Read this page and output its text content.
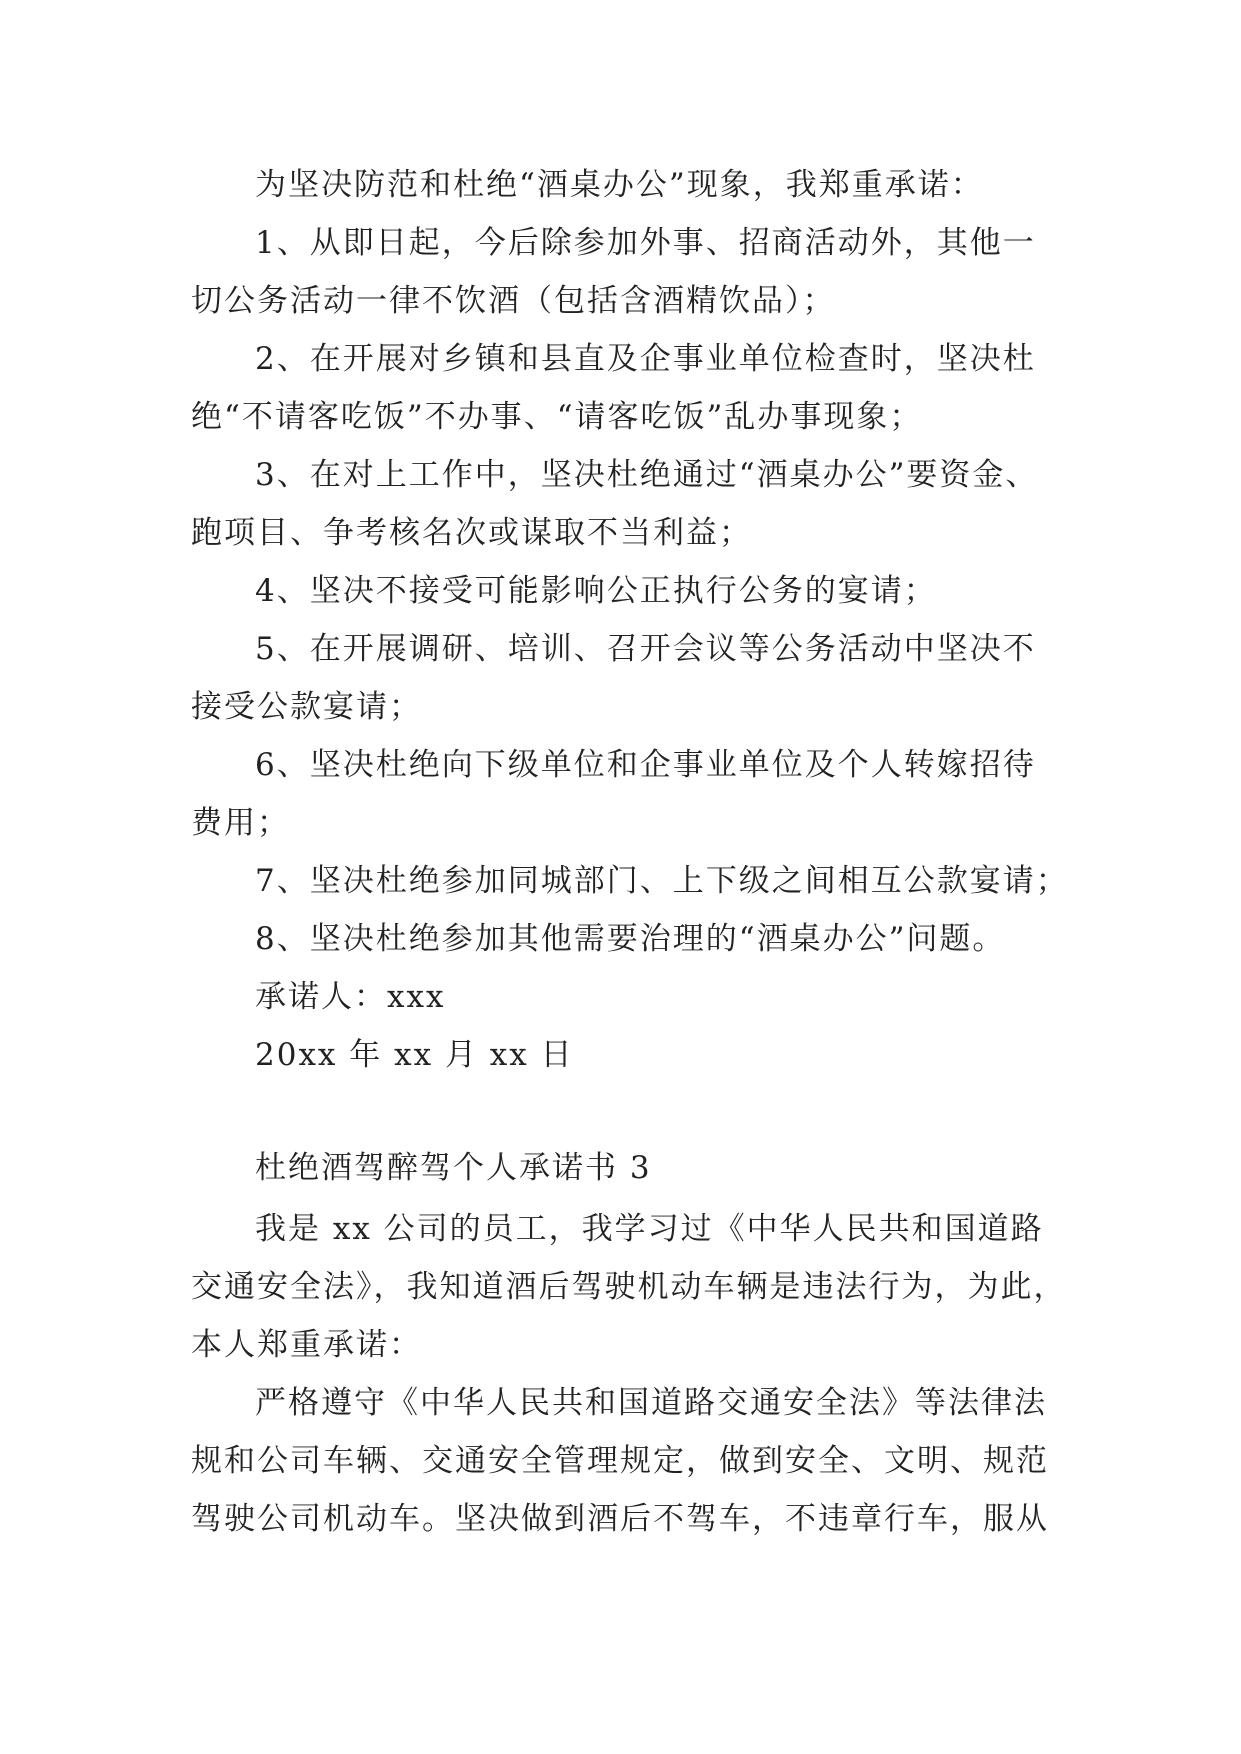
为坚决防范和杜绝“酒桌办公”现象，我郑重承诺：
1、从即日起，今后除参加外事、招商活动外，其他一
切公务活动一律不饮酒（包括含酒精饮品）；
2、在开展对乡镇和县直及企事业单位检查时，坚决杜
绝“不请客吃饭”不办事、“请客吃饭”乱办事现象；
3、在对上工作中，坚决杜绝通过“酒桌办公”要资金、
跑项目、争考核名次或谋取不当利益；
4、坚决不接受可能影响公正执行公务的宴请；
5、在开展调研、培训、召开会议等公务活动中坚决不
接受公款宴请；
6、坚决杜绝向下级单位和企事业单位及个人转嫁招待
费用；
7、坚决杜绝参加同城部门、上下级之间相互公款宴请；
8、坚决杜绝参加其他需要治理的“酒桌办公”问题。
承诺人：xxx
20xx 年 xx 月 xx 日
杜绝酒驾醉驾个人承诺书 3
我是 xx 公司的员工，我学习过《中华人民共和国道路
交通安全法》，我知道酒后驾驶机动车辆是违法行为，为此，
本人郑重承诺：
严格遵守《中华人民共和国道路交通安全法》等法律法
规和公司车辆、交通安全管理规定，做到安全、文明、规范
驾驶公司机动车。坚决做到酒后不驾车，不违章行车，服从
